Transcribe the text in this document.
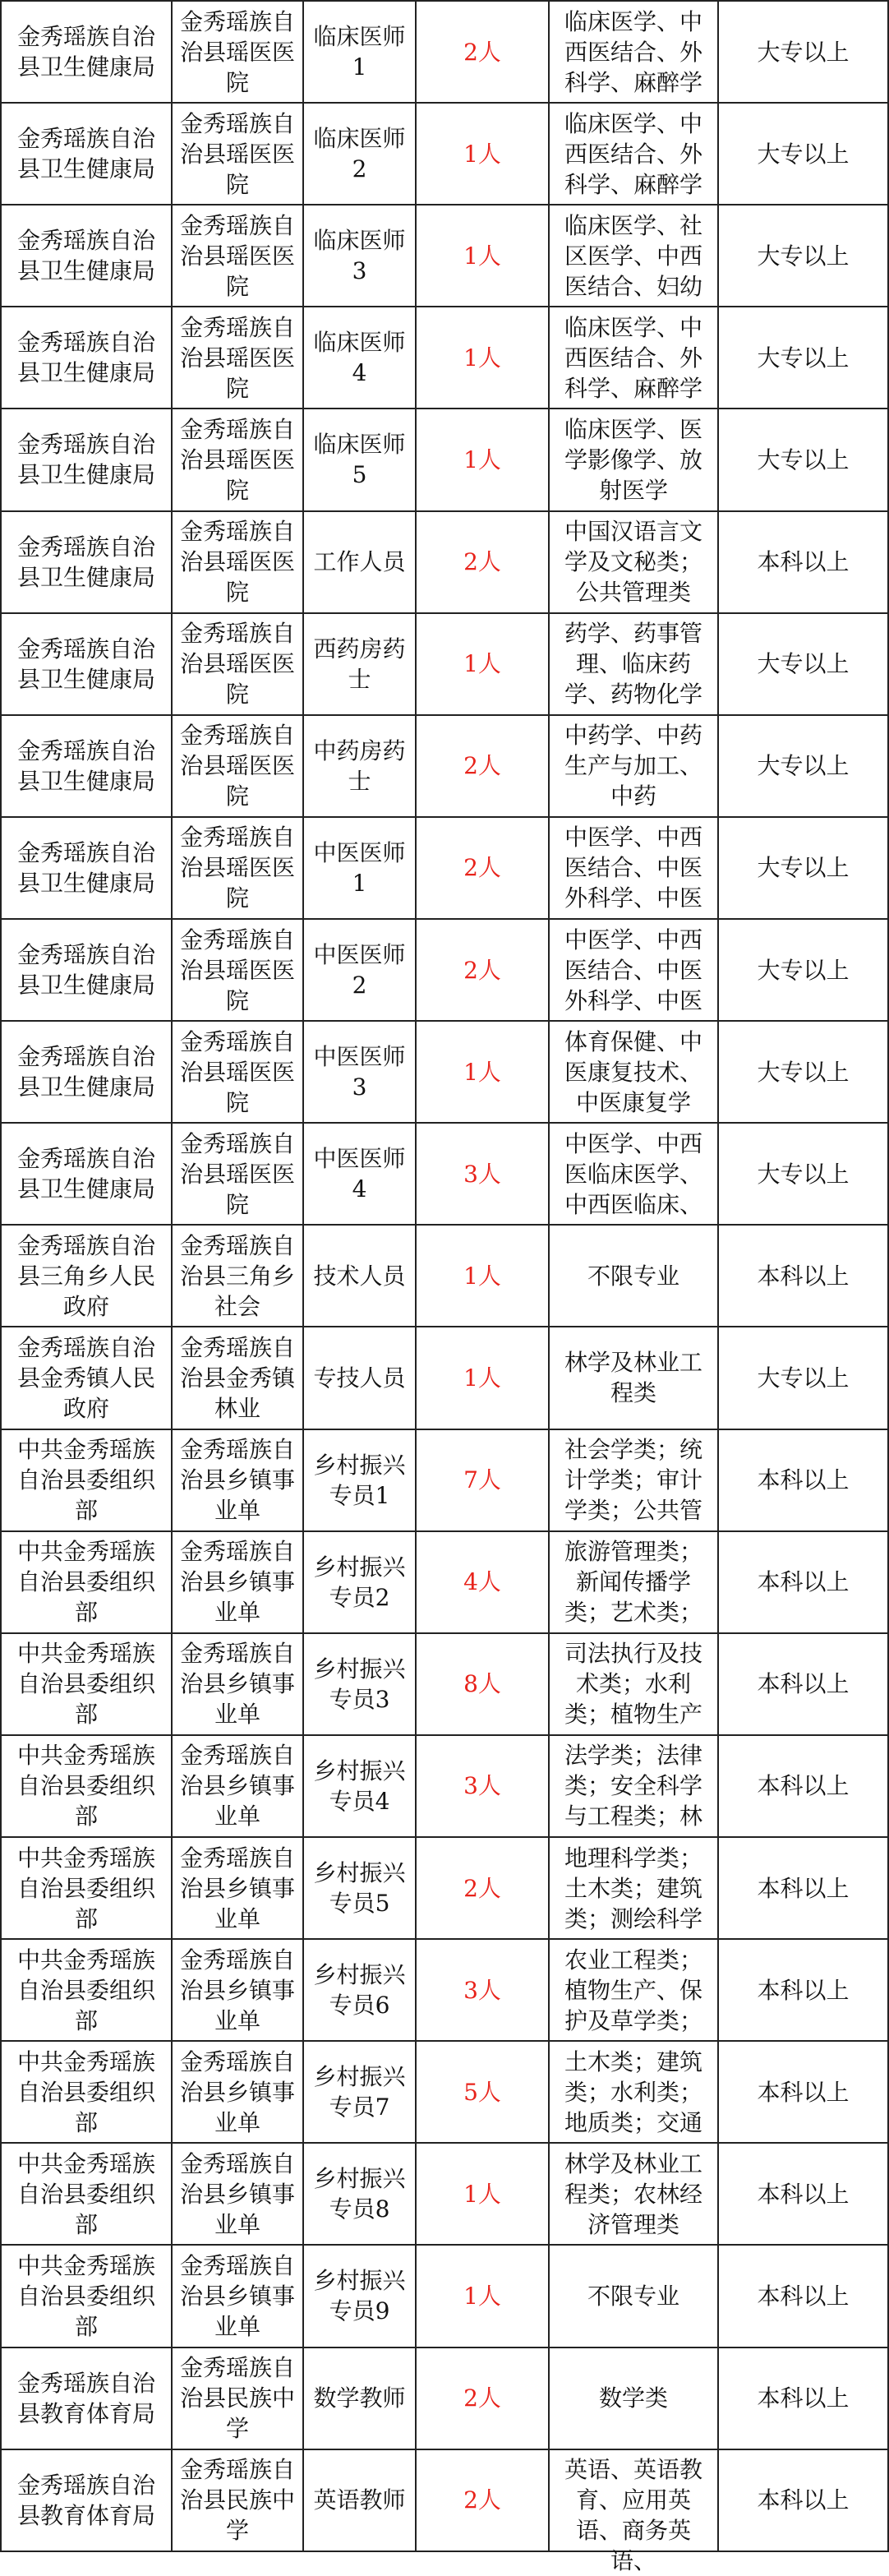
金秀瑶族自治县卫生健康局	金秀瑶族自治县瑶医医院	临床医师1	2人	临床医学、中西医结合、外科学、麻醉学	大专以上

金秀瑶族自治县卫生健康局	金秀瑶族自治县瑶医医院	临床医师2	1人	临床医学、中西医结合、外科学、麻醉学	大专以上

金秀瑶族自治县卫生健康局	金秀瑶族自治县瑶医医院	临床医师3	1人	临床医学、社区医学、中西医结合、妇幼	大专以上

金秀瑶族自治县卫生健康局	金秀瑶族自治县瑶医医院	临床医师4	1人	临床医学、中西医结合、外科学、麻醉学	大专以上

金秀瑶族自治县卫生健康局	金秀瑶族自治县瑶医医院	临床医师5	1人	临床医学、医学影像学、放射医学	大专以上

金秀瑶族自治县卫生健康局	金秀瑶族自治县瑶医医院	工作人员	2人	中国汉语言文学及文秘类；公共管理类	本科以上

金秀瑶族自治县卫生健康局	金秀瑶族自治县瑶医医院	西药房药士	1人	药学、药事管理、临床药学、药物化学	大专以上

金秀瑶族自治县卫生健康局	金秀瑶族自治县瑶医医院	中药房药士	2人	中药学、中药生产与加工、中药	大专以上

金秀瑶族自治县卫生健康局	金秀瑶族自治县瑶医医院	中医医师1	2人	中医学、中西医结合、中医外科学、中医	大专以上

金秀瑶族自治县卫生健康局	金秀瑶族自治县瑶医医院	中医医师2	2人	中医学、中西医结合、中医外科学、中医	大专以上

金秀瑶族自治县卫生健康局	金秀瑶族自治县瑶医医院	中医医师3	1人	体育保健、中医康复技术、中医康复学	大专以上

金秀瑶族自治县卫生健康局	金秀瑶族自治县瑶医医院	中医医师4	3人	中医学、中西医临床医学、中西医临床、	大专以上

金秀瑶族自治县三角乡人民政府	金秀瑶族自治县三角乡社会	技术人员	1人	不限专业	本科以上

金秀瑶族自治县金秀镇人民政府	金秀瑶族自治县金秀镇林业	专技人员	1人	林学及林业工程类	大专以上

中共金秀瑶族自治县委组织部	金秀瑶族自治县乡镇事业单	乡村振兴专员1	7人	社会学类；统计学类；审计学类；公共管	本科以上

中共金秀瑶族自治县委组织部	金秀瑶族自治县乡镇事业单	乡村振兴专员2	4人	旅游管理类；新闻传播学类；艺术类；	本科以上

中共金秀瑶族自治县委组织部	金秀瑶族自治县乡镇事业单	乡村振兴专员3	8人	司法执行及技术类；水利类；植物生产	本科以上

中共金秀瑶族自治县委组织部	金秀瑶族自治县乡镇事业单	乡村振兴专员4	3人	法学类；法律类；安全科学与工程类；林	本科以上

中共金秀瑶族自治县委组织部	金秀瑶族自治县乡镇事业单	乡村振兴专员5	2人	地理科学类；土木类；建筑类；测绘科学	本科以上

中共金秀瑶族自治县委组织部	金秀瑶族自治县乡镇事业单	乡村振兴专员6	3人	农业工程类；植物生产、保护及草学类；	本科以上

中共金秀瑶族自治县委组织部	金秀瑶族自治县乡镇事业单	乡村振兴专员7	5人	土木类；建筑类；水利类；地质类；交通	本科以上

中共金秀瑶族自治县委组织部	金秀瑶族自治县乡镇事业单	乡村振兴专员8	1人	林学及林业工程类；农林经济管理类	本科以上

中共金秀瑶族自治县委组织部	金秀瑶族自治县乡镇事业单	乡村振兴专员9	1人	不限专业	本科以上

金秀瑶族自治县教育体育局	金秀瑶族自治县民族中学	数学教师	2人	数学类	本科以上

金秀瑶族自治县教育体育局	金秀瑶族自治县民族中学	英语教师	2人	英语、英语教育、应用英语、商务英语、	本科以上
